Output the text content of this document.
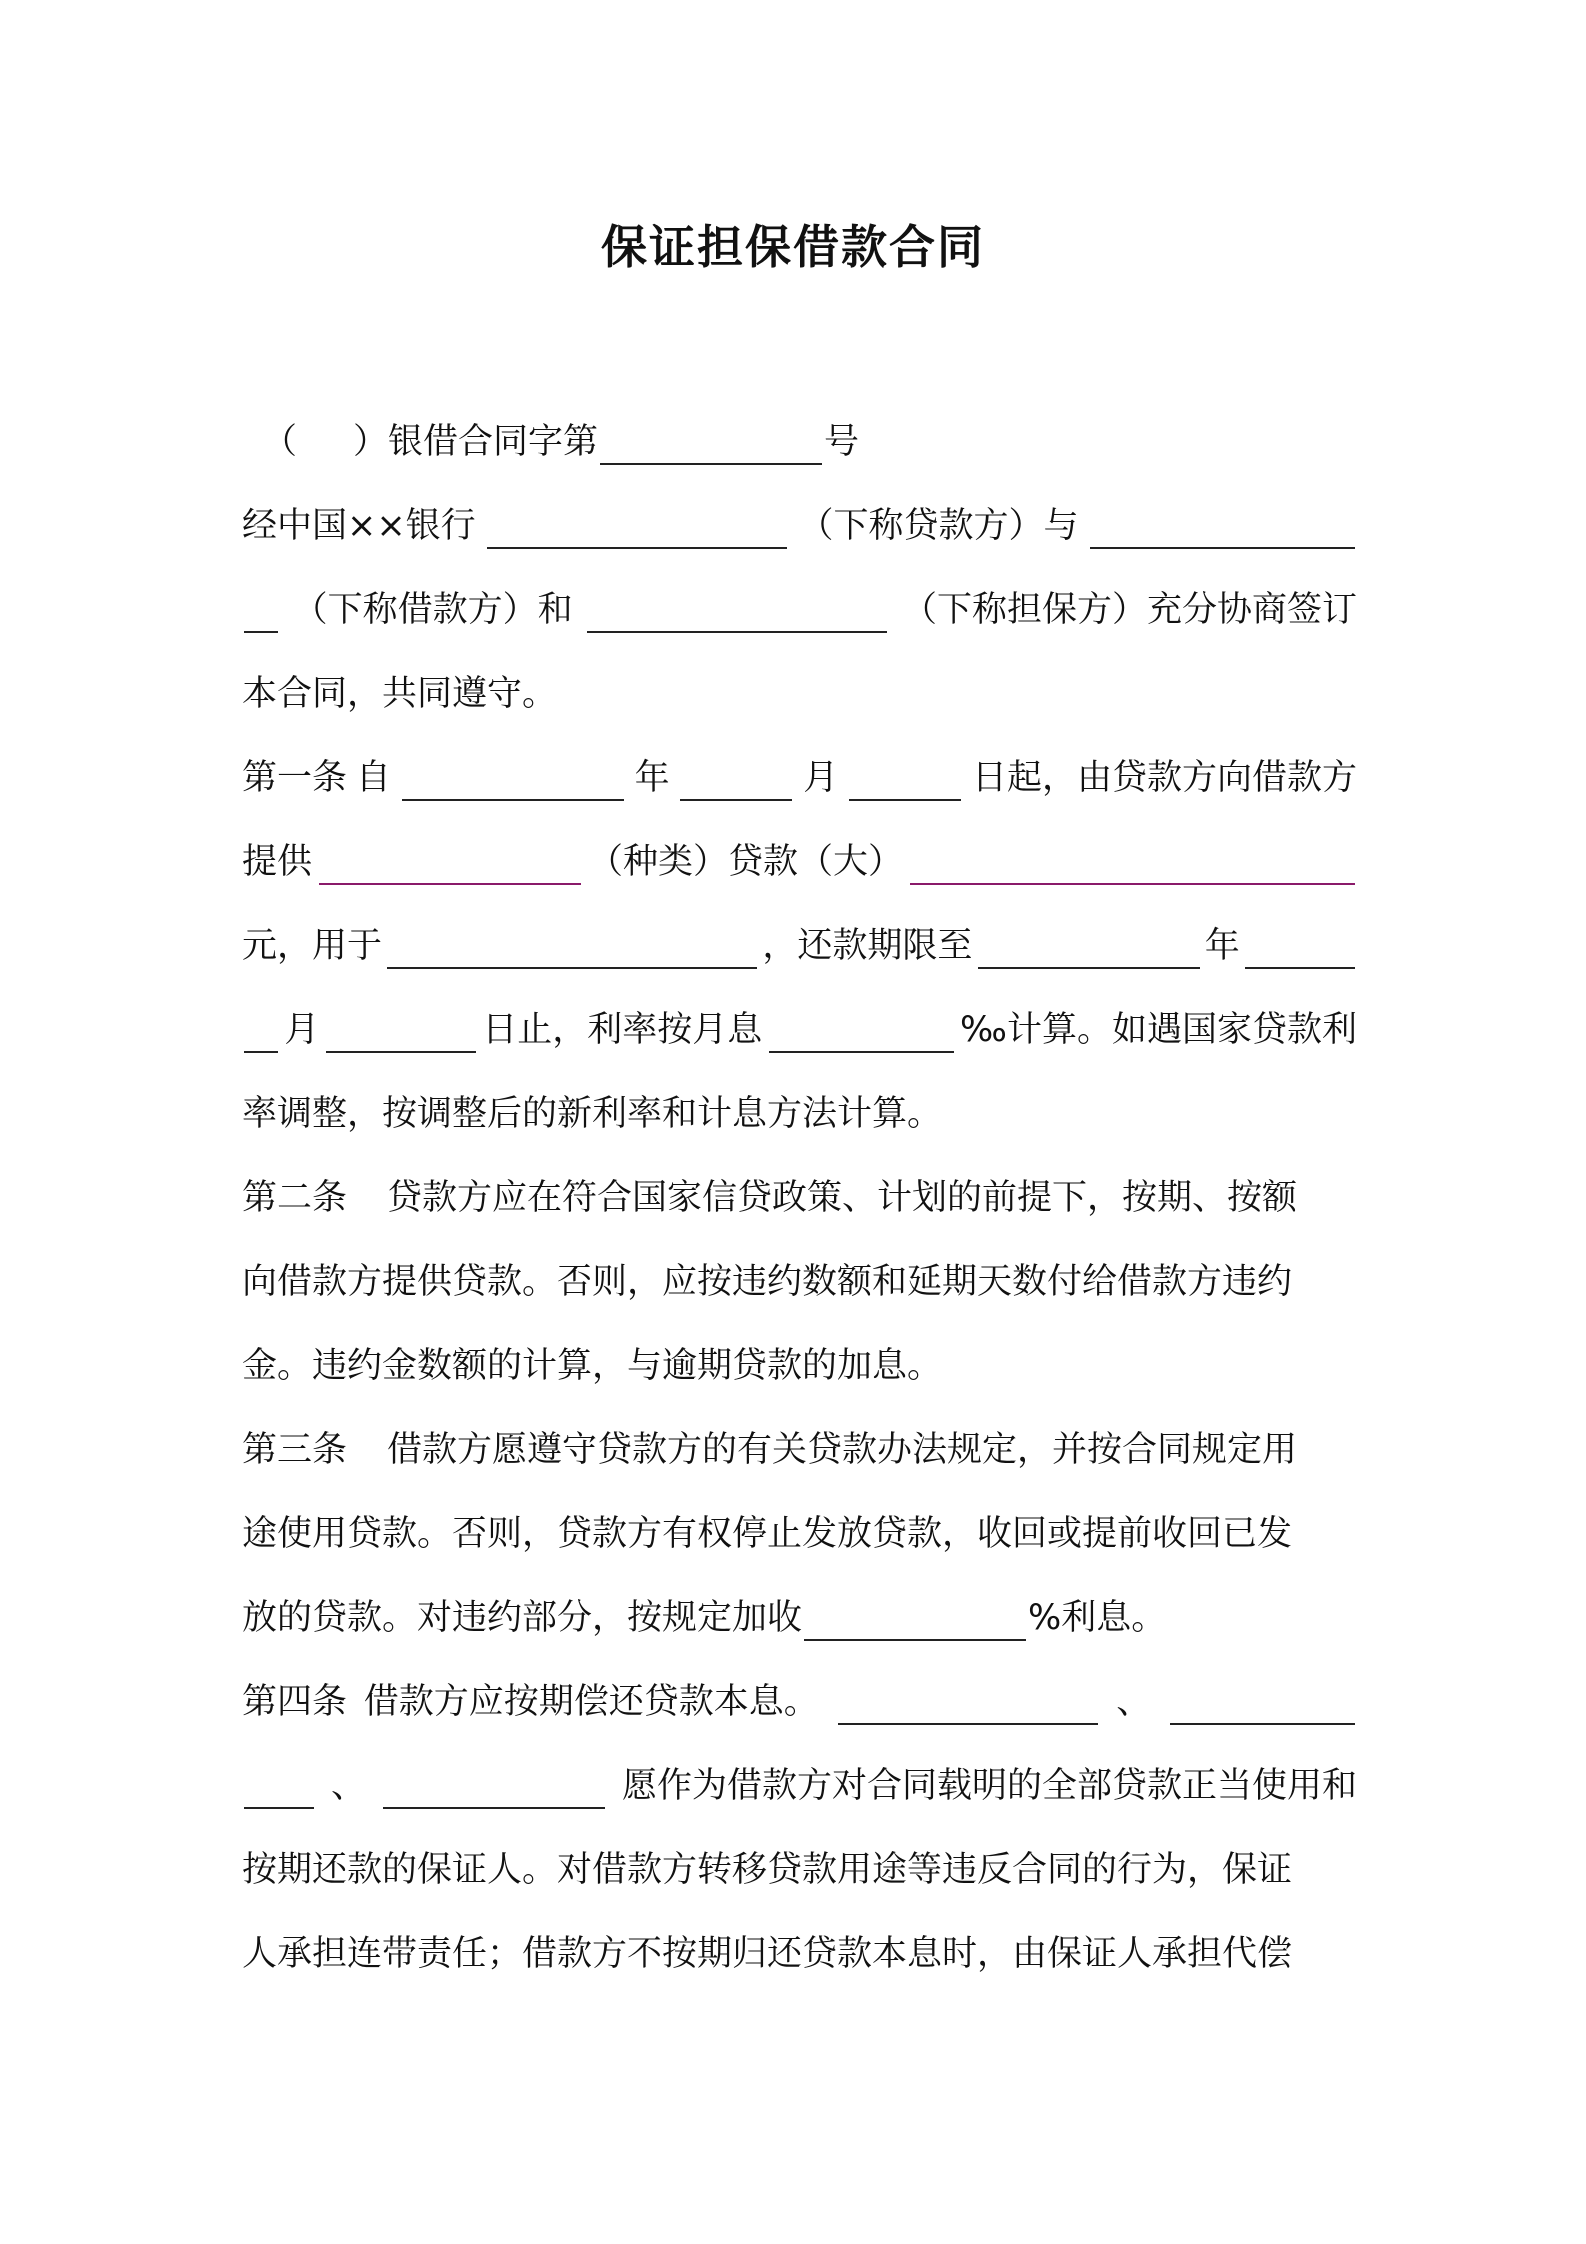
保证担保借款合同
（ ）银借合同字第	号
经中国××银行	（下称贷款方）与
（下称借款方）和	（下称担保方）充分协商签订
本合同，共同遵守。
第一条 自	年	月	日起，由贷款方向借款方
提供	（种类）贷款（大）
元，用于	，还款期限至	年
月	日止，利率按月息	‰计算。如遇国家贷款利
率调整，按调整后的新利率和计息方法计算。
第二条 贷款方应在符合国家信贷政策、计划的前提下，按期、按额
向借款方提供贷款。否则，应按违约数额和延期天数付给借款方违约
金。违约金数额的计算，与逾期贷款的加息。
第三条 借款方愿遵守贷款方的有关贷款办法规定，并按合同规定用
途使用贷款。否则，贷款方有权停止发放贷款，收回或提前收回已发
放的贷款。对违约部分，按规定加收	%利息。
第四条 借款方应按期偿还贷款本息。	、
、	愿作为借款方对合同载明的全部贷款正当使用和
按期还款的保证人。对借款方转移贷款用途等违反合同的行为，保证
人承担连带责任；借款方不按期归还贷款本息时，由保证人承担代偿
